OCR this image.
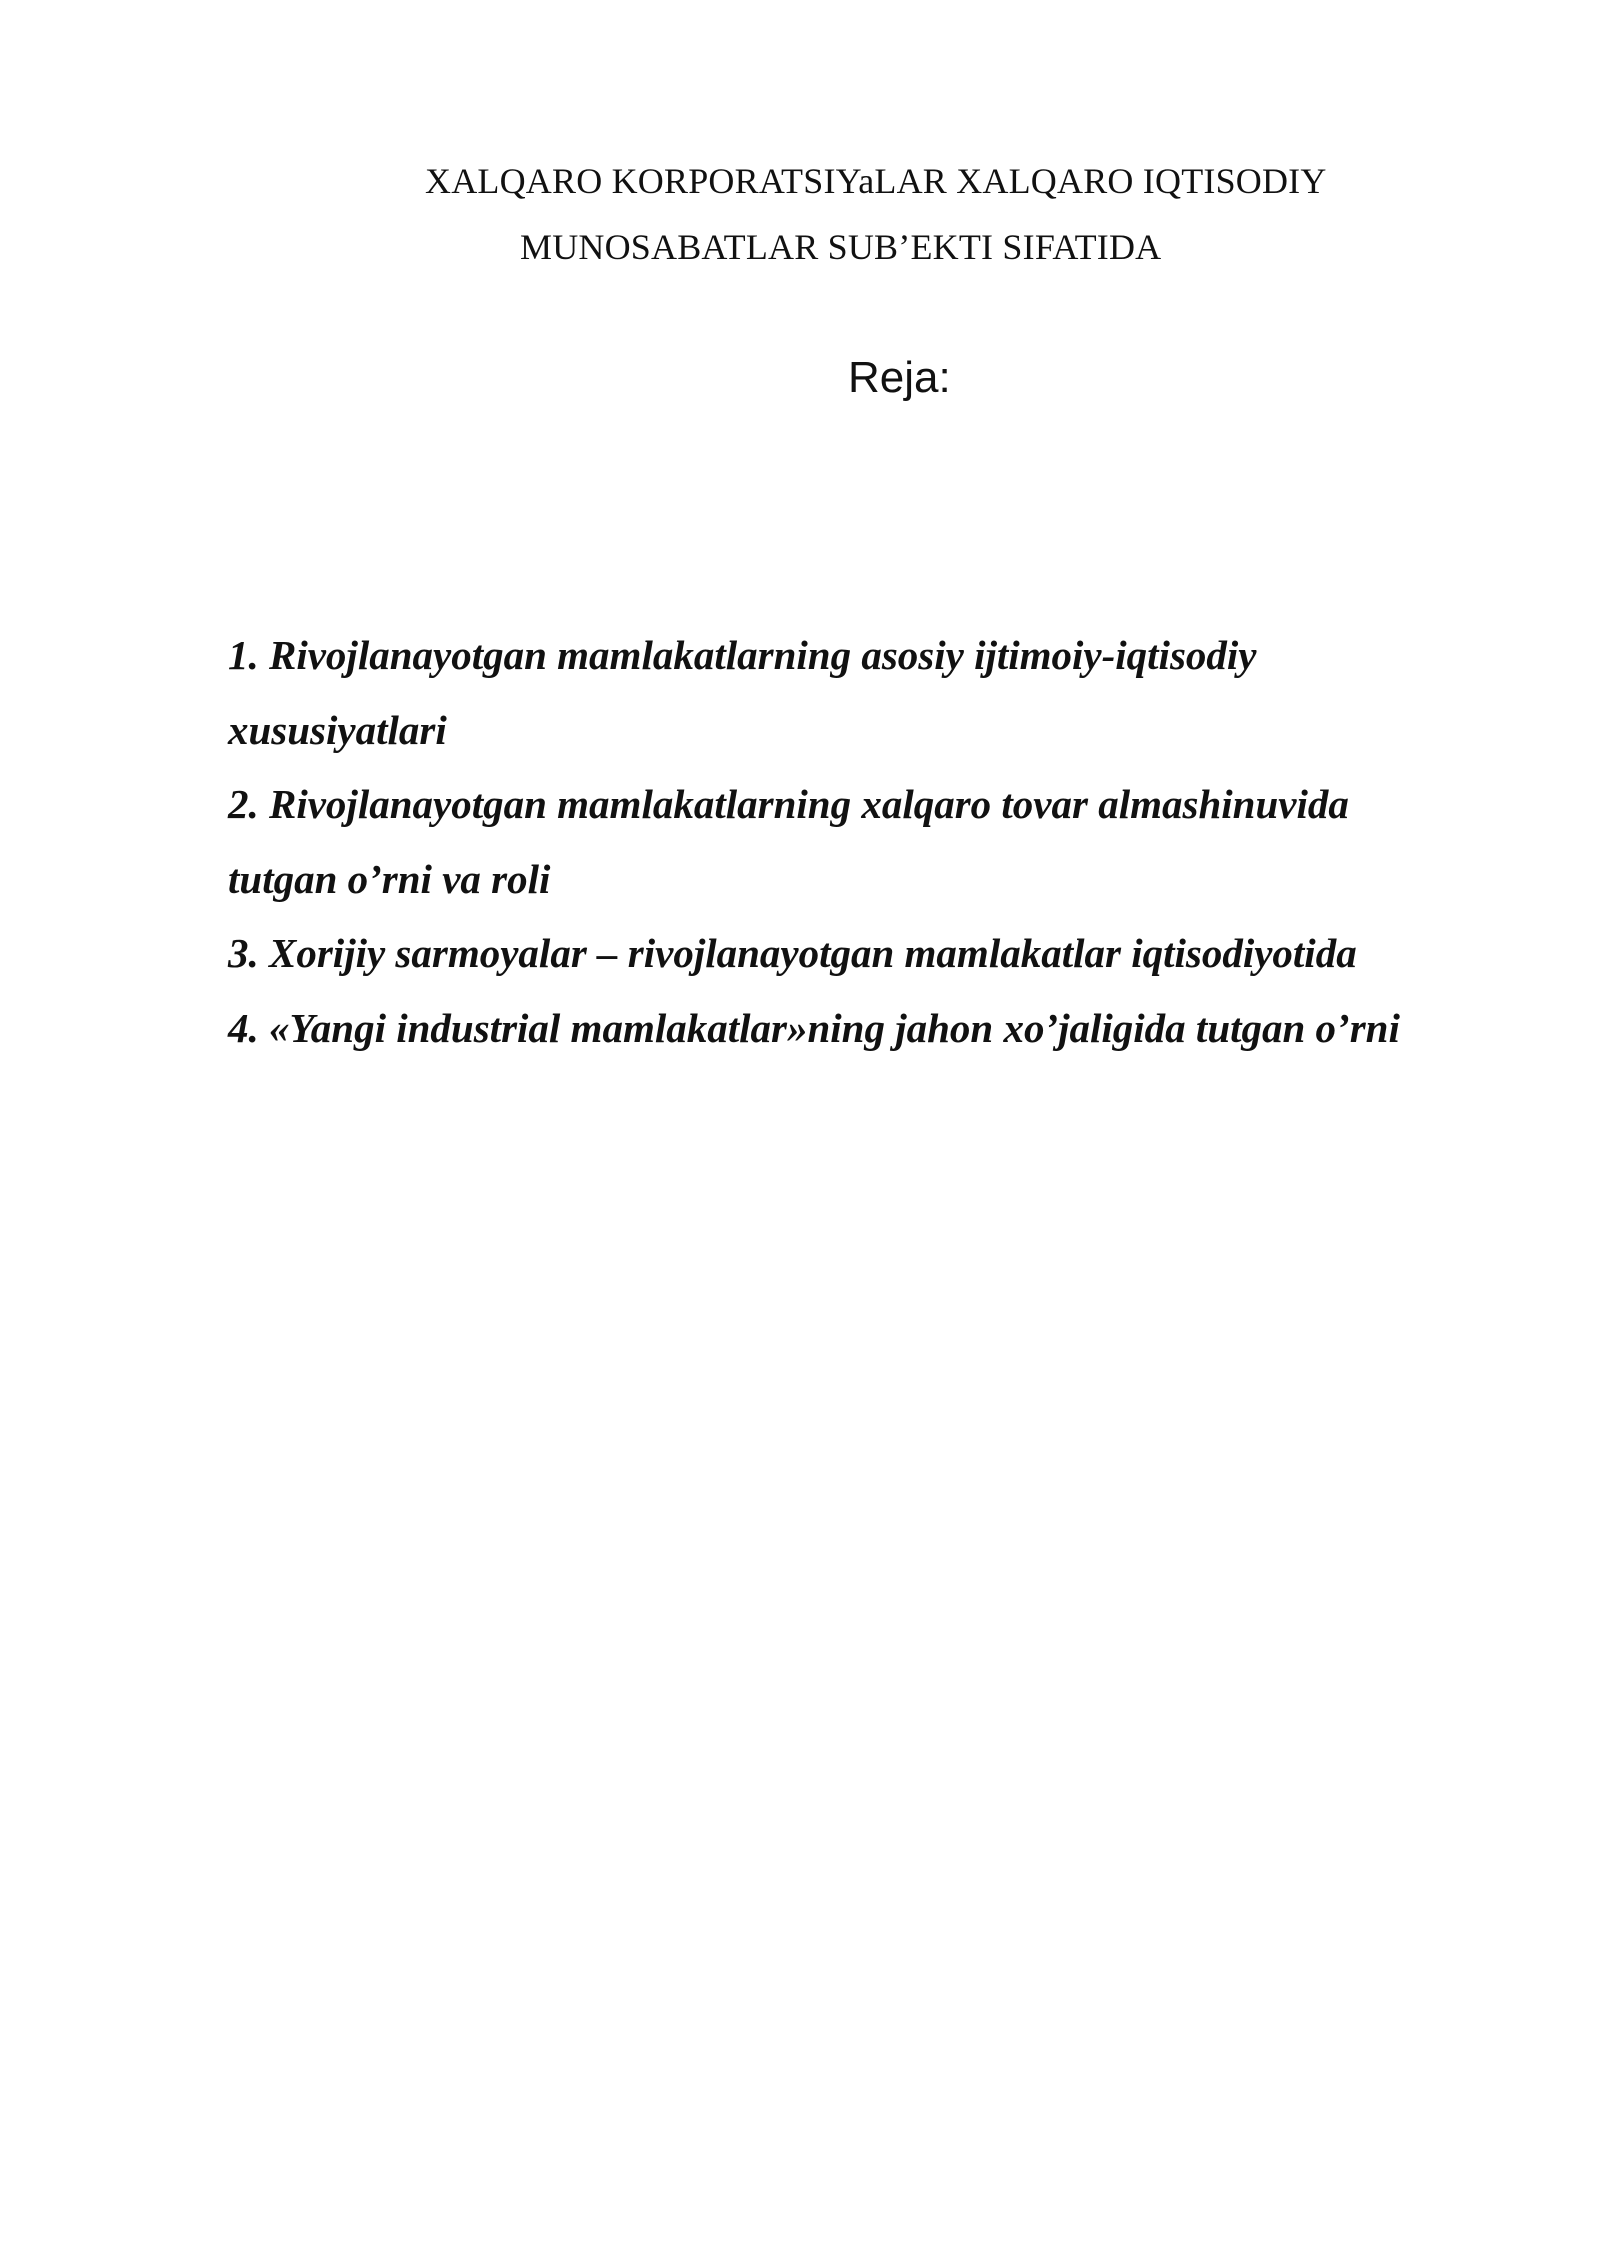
XALQARO KORPORATSIYaLAR XALQARO IQTISODIY
MUNOSABATLAR SUB’EKTI SIFATIDA
Reja:
1. Rivojlanayotgan mamlakatlarning asosiy ijtimoiy-iqtisodiy xususiyatlari
2. Rivojlanayotgan mamlakatlarning xalqaro tovar almashinuvida tutgan o’rni va roli
3. Xorijiy sarmoyalar – rivojlanayotgan mamlakatlar iqtisodiyotida
4. «Yangi industrial mamlakatlar»ning jahon xo’jaligida tutgan o’rni
